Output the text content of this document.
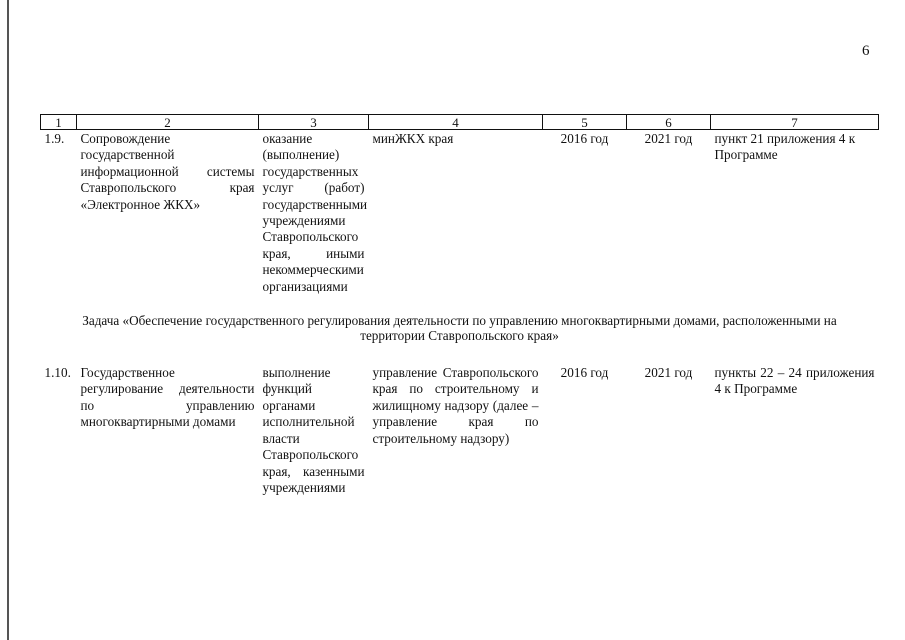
6
1	2	3	4	5	6	7
1.9.	Сопровождение государственной информационной системы Ставропольского края «Электронное ЖКХ»	оказание (выполнение) государственных услуг (работ) государственными учреждениями Ставропольского края, иными некоммерческими организациями	минЖКХ края	2016 год	2021 год	пункт 21 приложения 4 к Программе
Задача «Обеспечение государственного регулирования деятельности по управлению многоквартирными домами, расположенными на территории Ставропольского края»						
1.10.	Государственное регулирование деятельности по управлению многоквартирными домами	выполнение функций органами исполнительной власти Ставропольского края, казенными учреждениями	управление Ставропольского края по строительному и жилищному надзору (далее – управление края по строительному надзору)	2016 год	2021 год	пункты 22 – 24 приложения 4 к Программе
